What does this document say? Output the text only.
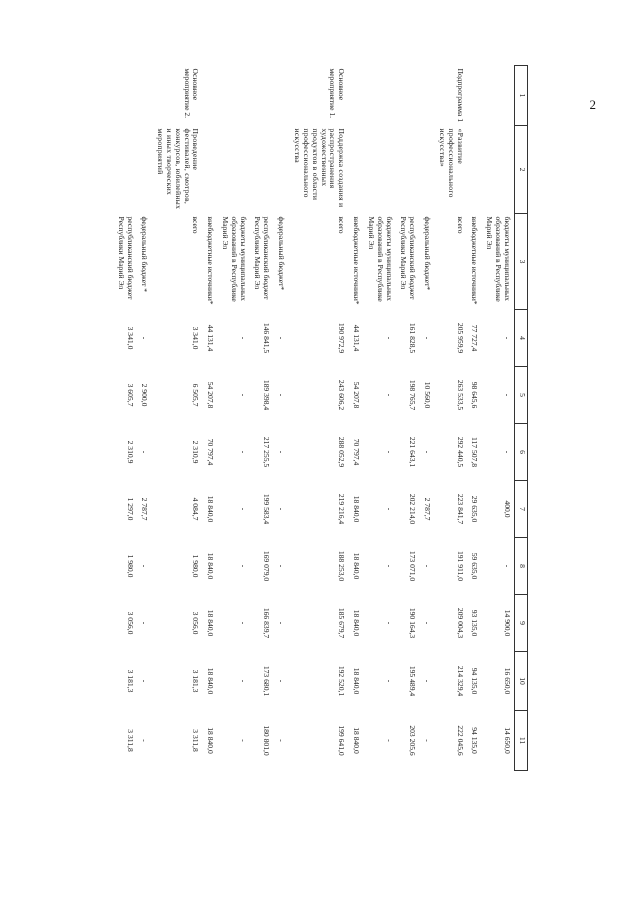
2
1	2	3	4	5	6	7	8	9	10	11
		бюджеты муниципальных образований в Республике Марий Эл	-	-	-	400,0	-	14 900,0	16 650,0	14 650,0
		внебюджетные источники*	77 727,4	98 645,6	117 507,8	29 635,0	59 635,0	93 135,0	94 135,0	94 135,0
Подпрограмма 1	«Развитие профессионального искусства»	всего	205 959,9	263 533,5	292 440,5	223 841,7	191 911,0	209 004,3	214 329,4	222 045,6
		федеральный бюджет*	-	10 560,0	-	2 787,7	-	-	-	-
		республиканский бюджет Республики Марий Эл	161 828,5	198 765,7	221 643,1	202 214,0	173 071,0	190 164,3	195 489,4	203 205,6
		бюджеты муниципальных образований в Республике Марий Эл	-	-	-	-	-	-	-	-
		внебюджетные источники*	44 131,4	54 207,8	70 797,4	18 840,0	18 840,0	18 840,0	18 840,0	18 840,0
Основное мероприятие 1.	Поддержка создания и распространения художественных продуктов в области профессионального искусства	всего	190 972,9	243 606,2	288 052,9	219 216,4	188 253,0	185 679,7	192 520,1	199 641,0
		федеральный бюджет*	-	-	-	-	-	-	-	-
		республиканский бюджет Республики Марий Эл	146 841,5	189 398,4	217 255,5	199 583,4	169 079,0	166 839,7	173 680,1	180 801,0
		бюджеты муниципальных образований в Республике Марий Эл	-	-	-	-	-	-	-	-
		внебюджетные источники*	44 131,4	54 207,8	70 797,4	18 840,0	18 840,0	18 840,0	18 840,0	18 840,0
Основное мероприятие 2.	Проведение фестивалей, смотров, конкурсов, юбилейных и иных творческих мероприятий	всего	3 341,0	6 505,7	2 310,9	4 084,7	1 980,0	3 056,0	3 181,3	3 311,8
		федеральный бюджет *	-	2 900,0	-	2 787,7	-	-	-	-
		республиканский бюджет Республики Марий Эл	3 341,0	3 605,7	2 310,9	1 297,0	1 980,0	3 056,0	3 181,3	3 311,8
